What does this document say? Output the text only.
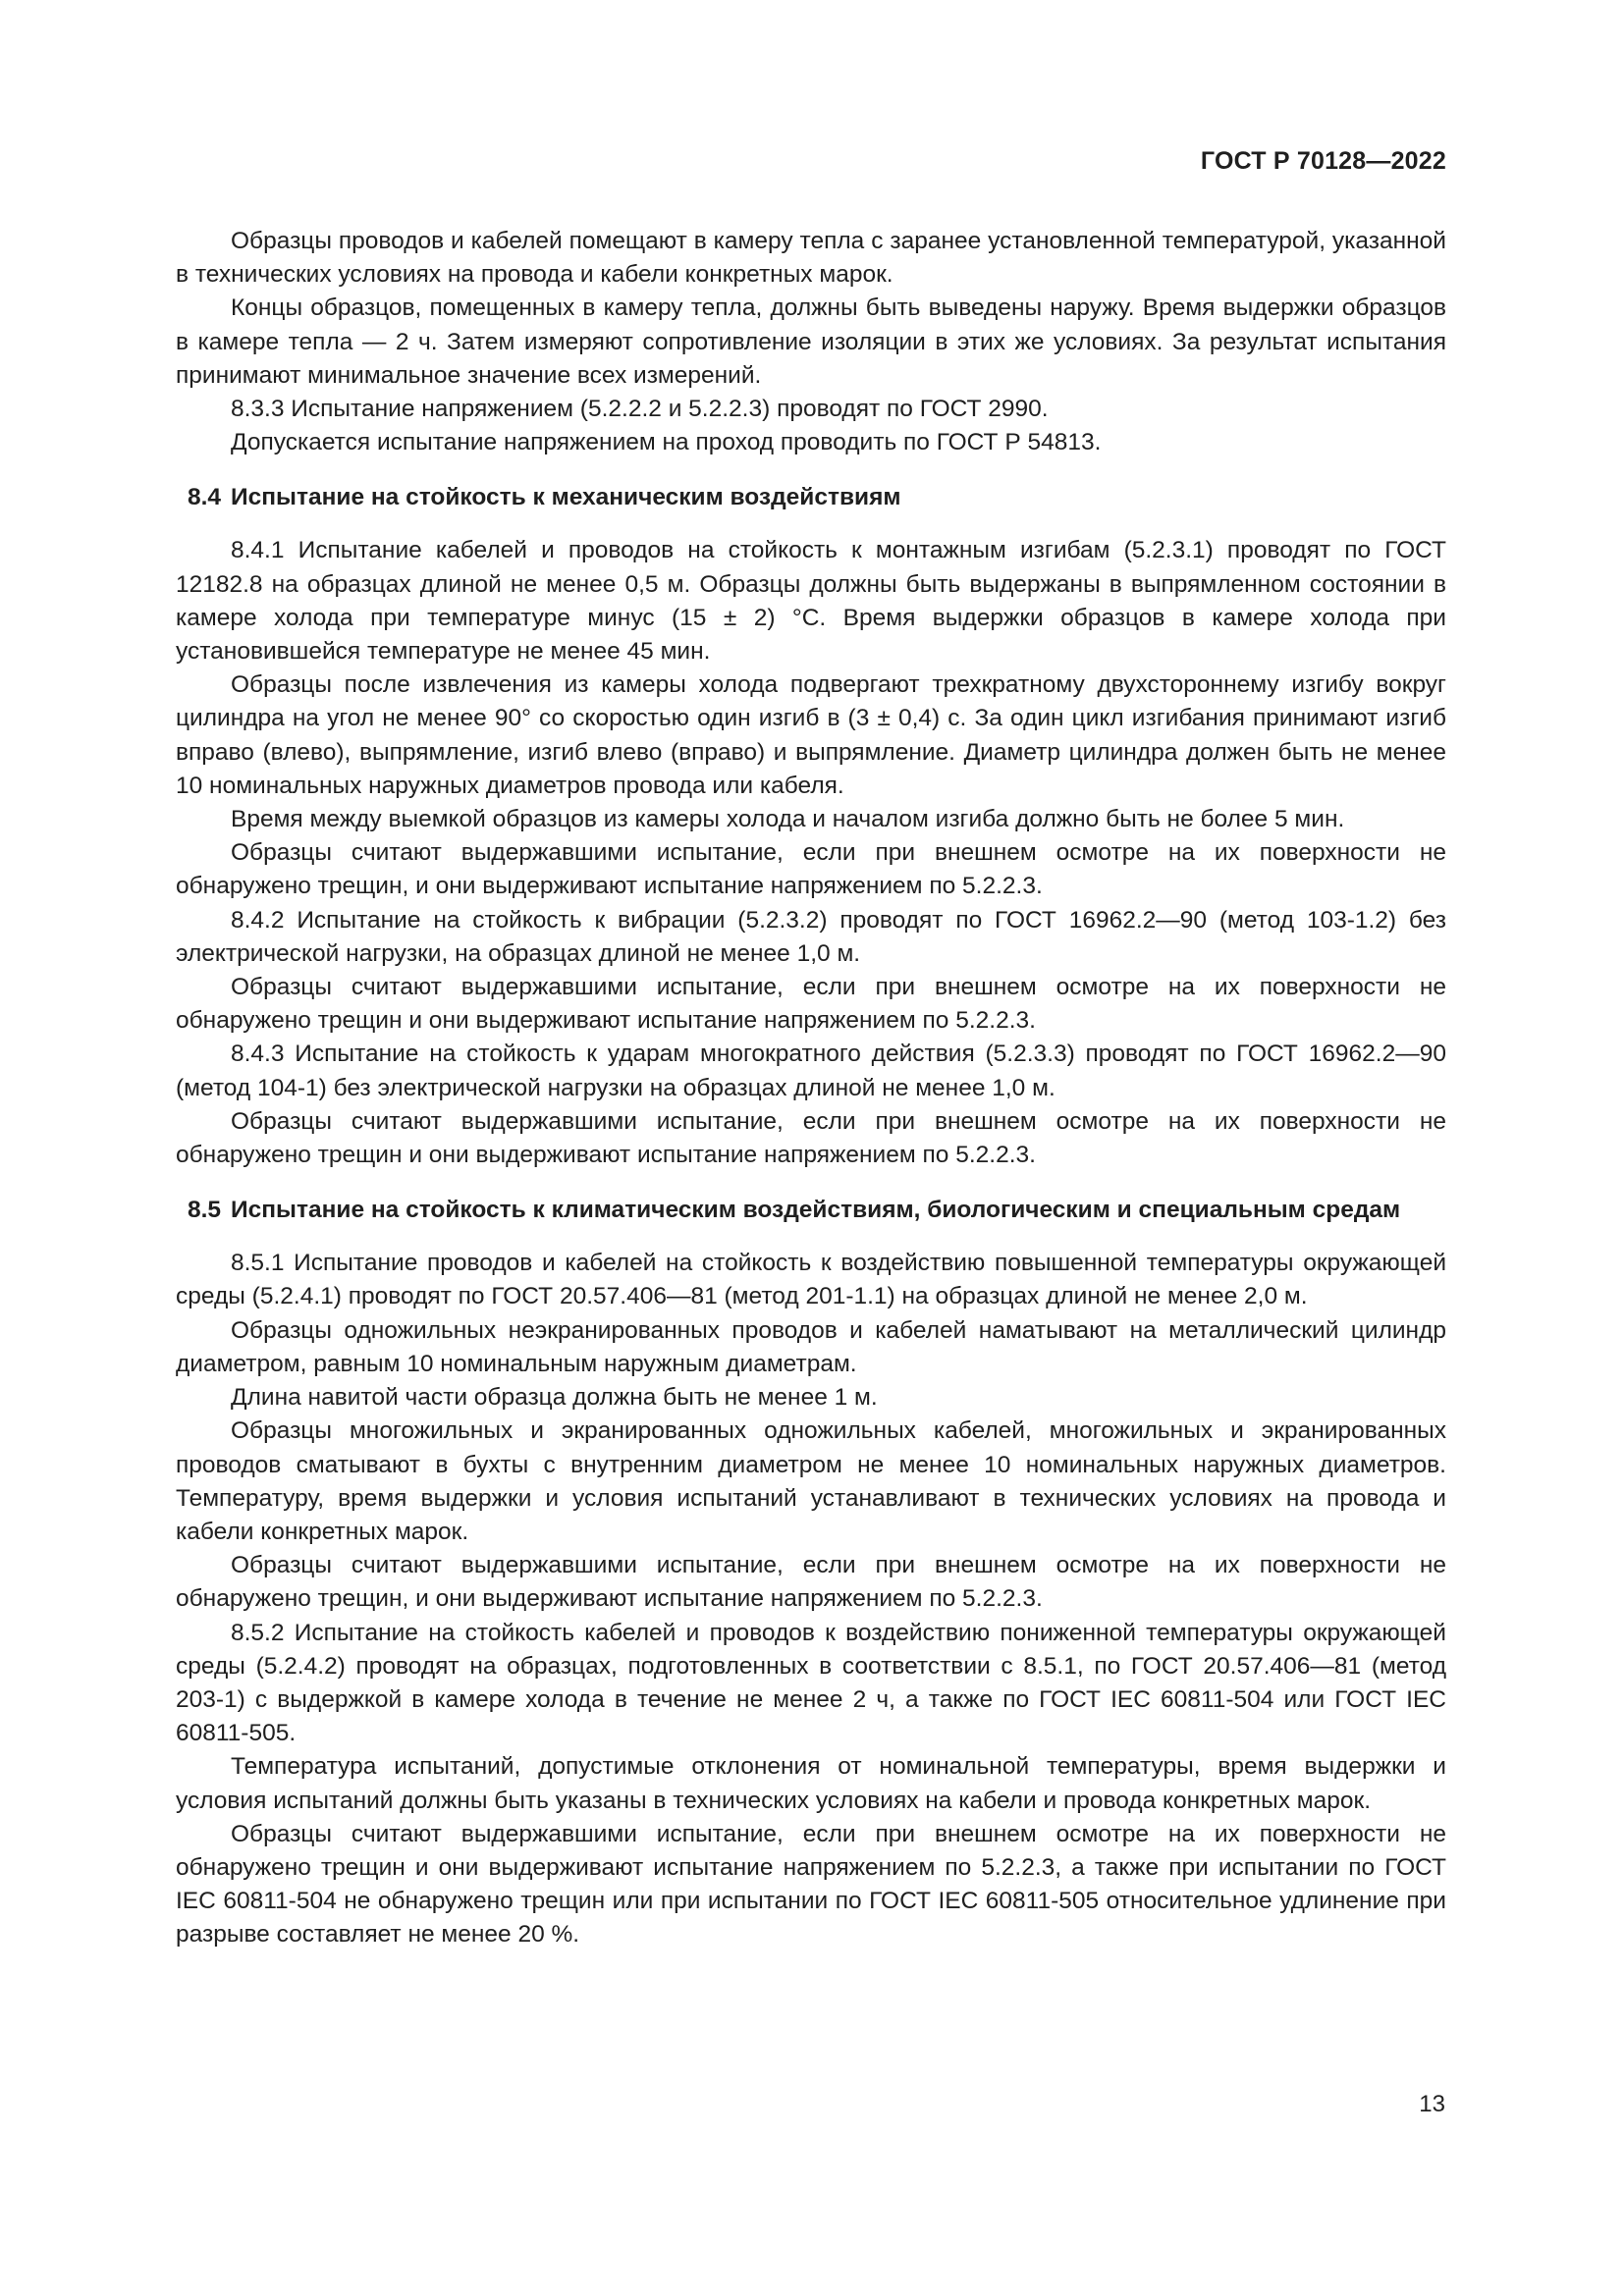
ГОСТ Р 70128—2022

Образцы проводов и кабелей помещают в камеру тепла с заранее установленной температурой, указанной в технических условиях на провода и кабели конкретных марок.

Концы образцов, помещенных в камеру тепла, должны быть выведены наружу. Время выдержки образцов в камере тепла — 2 ч. Затем измеряют сопротивление изоляции в этих же условиях. За результат испытания принимают минимальное значение всех измерений.

8.3.3 Испытание напряжением (5.2.2.2 и 5.2.2.3) проводят по ГОСТ 2990.

Допускается испытание напряжением на проход проводить по ГОСТ Р 54813.

8.4 Испытание на стойкость к механическим воздействиям

8.4.1 Испытание кабелей и проводов на стойкость к монтажным изгибам (5.2.3.1) проводят по ГОСТ 12182.8 на образцах длиной не менее 0,5 м. Образцы должны быть выдержаны в выпрямленном состоянии в камере холода при температуре минус (15 ± 2) °С. Время выдержки образцов в камере холода при установившейся температуре не менее 45 мин.

Образцы после извлечения из камеры холода подвергают трехкратному двухстороннему изгибу вокруг цилиндра на угол не менее 90° со скоростью один изгиб в (3 ± 0,4) с. За один цикл изгибания принимают изгиб вправо (влево), выпрямление, изгиб влево (вправо) и выпрямление. Диаметр цилиндра должен быть не менее 10 номинальных наружных диаметров провода или кабеля.

Время между выемкой образцов из камеры холода и началом изгиба должно быть не более 5 мин.

Образцы считают выдержавшими испытание, если при внешнем осмотре на их поверхности не обнаружено трещин, и они выдерживают испытание напряжением по 5.2.2.3.

8.4.2 Испытание на стойкость к вибрации (5.2.3.2) проводят по ГОСТ 16962.2—90 (метод 103-1.2) без электрической нагрузки, на образцах длиной не менее 1,0 м.

Образцы считают выдержавшими испытание, если при внешнем осмотре на их поверхности не обнаружено трещин и они выдерживают испытание напряжением по 5.2.2.3.

8.4.3 Испытание на стойкость к ударам многократного действия (5.2.3.3) проводят по ГОСТ 16962.2—90 (метод 104-1) без электрической нагрузки на образцах длиной не менее 1,0 м.

Образцы считают выдержавшими испытание, если при внешнем осмотре на их поверхности не обнаружено трещин и они выдерживают испытание напряжением по 5.2.2.3.

8.5 Испытание на стойкость к климатическим воздействиям, биологическим и специальным средам

8.5.1 Испытание проводов и кабелей на стойкость к воздействию повышенной температуры окружающей среды (5.2.4.1) проводят по ГОСТ 20.57.406—81 (метод 201-1.1) на образцах длиной не менее 2,0 м.

Образцы одножильных неэкранированных проводов и кабелей наматывают на металлический цилиндр диаметром, равным 10 номинальным наружным диаметрам.

Длина навитой части образца должна быть не менее 1 м.

Образцы многожильных и экранированных одножильных кабелей, многожильных и экранированных проводов сматывают в бухты с внутренним диаметром не менее 10 номинальных наружных диаметров. Температуру, время выдержки и условия испытаний устанавливают в технических условиях на провода и кабели конкретных марок.

Образцы считают выдержавшими испытание, если при внешнем осмотре на их поверхности не обнаружено трещин, и они выдерживают испытание напряжением по 5.2.2.3.

8.5.2 Испытание на стойкость кабелей и проводов к воздействию пониженной температуры окружающей среды (5.2.4.2) проводят на образцах, подготовленных в соответствии с 8.5.1, по ГОСТ 20.57.406—81 (метод 203-1) с выдержкой в камере холода в течение не менее 2 ч, а также по ГОСТ IEC 60811-504 или ГОСТ IEC 60811-505.

Температура испытаний, допустимые отклонения от номинальной температуры, время выдержки и условия испытаний должны быть указаны в технических условиях на кабели и провода конкретных марок.

Образцы считают выдержавшими испытание, если при внешнем осмотре на их поверхности не обнаружено трещин и они выдерживают испытание напряжением по 5.2.2.3, а также при испытании по ГОСТ IEC 60811-504 не обнаружено трещин или при испытании по ГОСТ IEC 60811-505 относительное удлинение при разрыве составляет не менее 20 %.

13
